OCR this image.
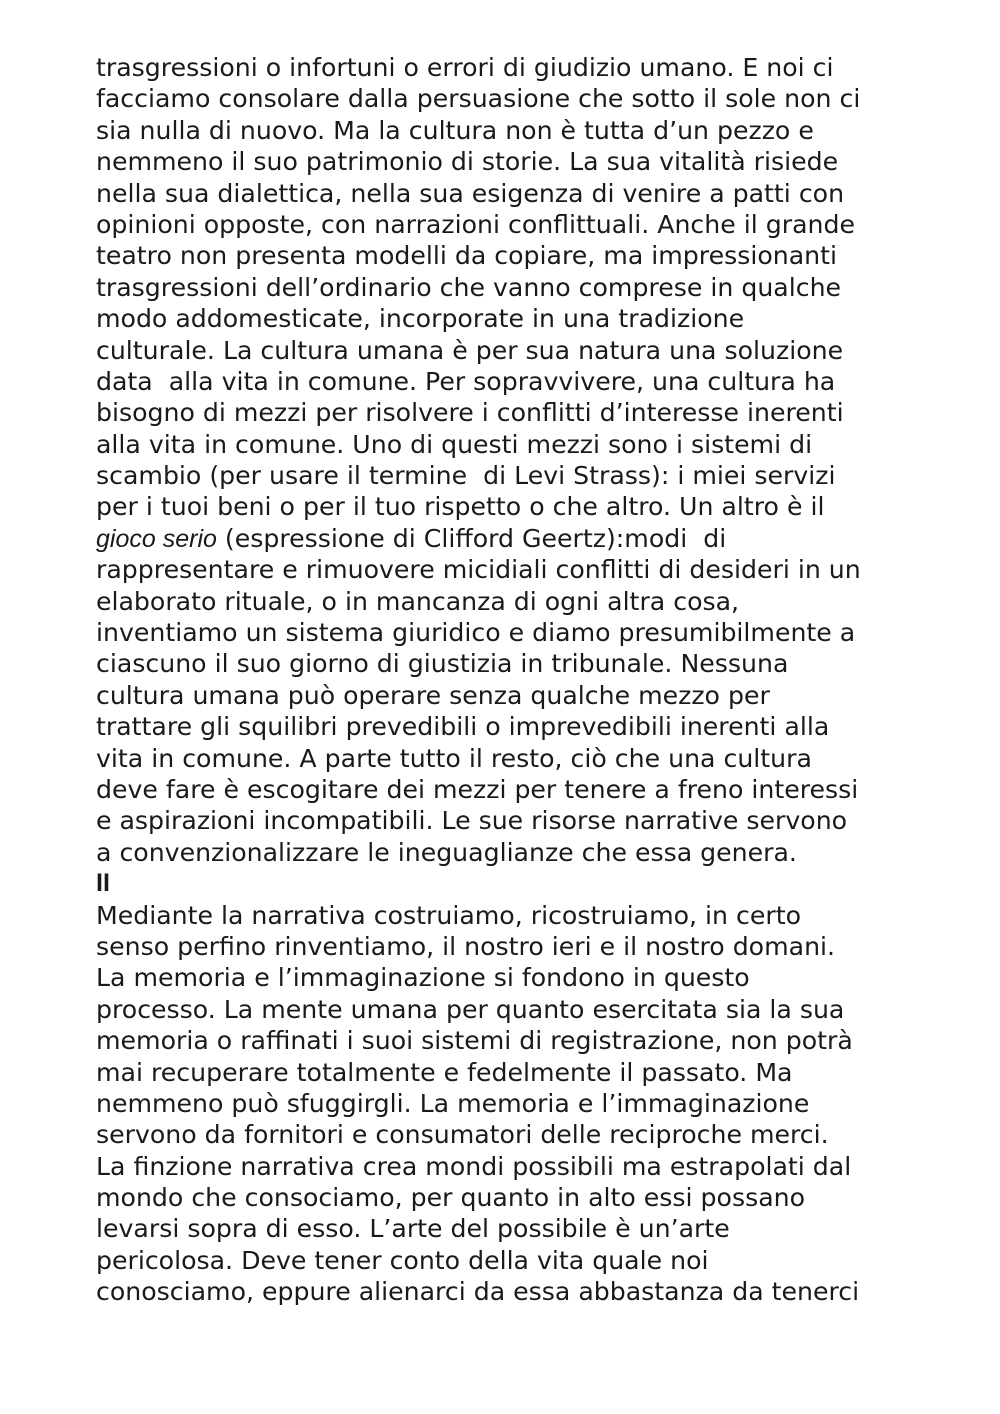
trasgressioni o infortuni o errori di giudizio umano. E noi ci
facciamo consolare dalla persuasione che sotto il sole non ci
sia nulla di nuovo. Ma la cultura non è tutta d’un pezzo e
nemmeno il suo patrimonio di storie. La sua vitalità risiede
nella sua dialettica, nella sua esigenza di venire a patti con
opinioni opposte, con narrazioni conflittuali. Anche il grande
teatro non presenta modelli da copiare, ma impressionanti
trasgressioni dell’ordinario che vanno comprese in qualche
modo addomesticate, incorporate in una tradizione
culturale. La cultura umana è per sua natura una soluzione
data  alla vita in comune. Per sopravvivere, una cultura ha
bisogno di mezzi per risolvere i conflitti d’interesse inerenti
alla vita in comune. Uno di questi mezzi sono i sistemi di
scambio (per usare il termine  di Levi Strass): i miei servizi
per i tuoi beni o per il tuo rispetto o che altro. Un altro è il
gioco serio (espressione di Clifford Geertz):modi  di
rappresentare e rimuovere micidiali conflitti di desideri in un
elaborato rituale, o in mancanza di ogni altra cosa,
inventiamo un sistema giuridico e diamo presumibilmente a
ciascuno il suo giorno di giustizia in tribunale. Nessuna
cultura umana può operare senza qualche mezzo per
trattare gli squilibri prevedibili o imprevedibili inerenti alla
vita in comune. A parte tutto il resto, ciò che una cultura
deve fare è escogitare dei mezzi per tenere a freno interessi
e aspirazioni incompatibili. Le sue risorse narrative servono
a convenzionalizzare le ineguaglianze che essa genera.
II
Mediante la narrativa costruiamo, ricostruiamo, in certo
senso perfino rinventiamo, il nostro ieri e il nostro domani.
La memoria e l’immaginazione si fondono in questo
processo. La mente umana per quanto esercitata sia la sua
memoria o raffinati i suoi sistemi di registrazione, non potrà
mai recuperare totalmente e fedelmente il passato. Ma
nemmeno può sfuggirgli. La memoria e l’immaginazione
servono da fornitori e consumatori delle reciproche merci.
La finzione narrativa crea mondi possibili ma estrapolati dal
mondo che consociamo, per quanto in alto essi possano
levarsi sopra di esso. L’arte del possibile è un’arte
pericolosa. Deve tener conto della vita quale noi
conosciamo, eppure alienarci da essa abbastanza da tenerci
